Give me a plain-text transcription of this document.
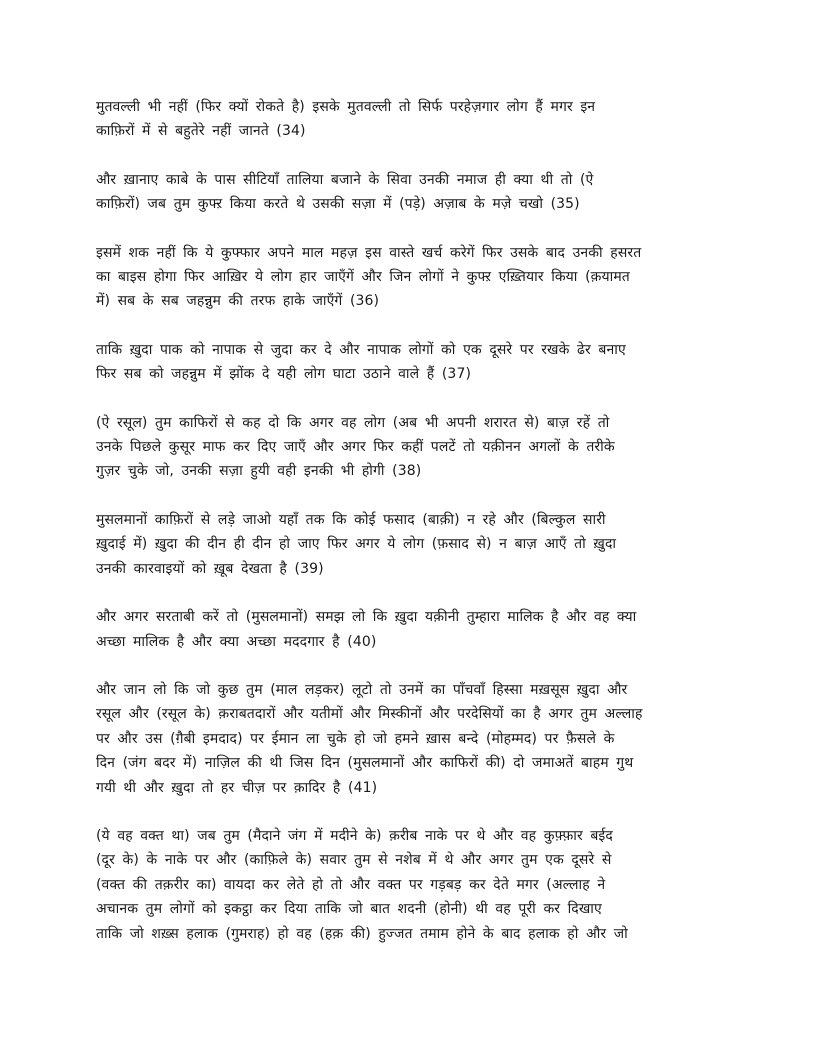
मुतवल्ली भी नहीं (फिर क्यों रोकते है) इसके मुतवल्ली तो सिर्फ परहेज़गार लोग हैं मगर इन
काफ़िरों में से बहुतेरे नहीं जानते (34)

और ख़ानाए काबे के पास सीटियाँ तालिया बजाने के सिवा उनकी नमाज ही क्या थी तो (ऐ
काफ़िरों) जब तुम कुफ्ऱ किया करते थे उसकी सज़ा में (पड़े) अज़ाब के मज़े चखो (35)

इसमें शक नहीं कि ये कुफ्फार अपने माल महज़ इस वास्ते खर्च करेगें फिर उसके बाद उनकी हसरत
का बाइस होगा फिर आख़िर ये लोग हार जाएँगें और जिन लोगों ने कुफ्ऱ एख़्तियार किया (क़यामत
में) सब के सब जहन्नुम की तरफ हाके जाएँगें (36)

ताकि ख़ुदा पाक को नापाक से जुदा कर दे और नापाक लोगों को एक दूसरे पर रखके ढेर बनाए
फिर सब को जहन्नुम में झोंक दे यही लोग घाटा उठाने वाले हैं (37)

(ऐ रसूल) तुम काफिरों से कह दो कि अगर वह लोग (अब भी अपनी शरारत से) बाज़ रहें तो
उनके पिछले कुसूर माफ कर दिए जाएँ और अगर फिर कहीं पलटें तो यक़ीनन अगलों के तरीके
गुज़र चुके जो, उनकी सज़ा हुयी वही इनकी भी होगी (38)

मुसलमानों काफ़िरों से लड़े जाओ यहाँ तक कि कोई फसाद (बाक़ी) न रहे और (बिल्कुल सारी
ख़ुदाई में) ख़ुदा की दीन ही दीन हो जाए फिर अगर ये लोग (फ़साद से) न बाज़ आएँ तो ख़ुदा
उनकी कारवाइयों को ख़ूब देखता है (39)

और अगर सरताबी करें तो (मुसलमानों) समझ लो कि ख़ुदा यक़ीनी तुम्हारा मालिक है और वह क्या
अच्छा मालिक है और क्या अच्छा मददगार है (40)

और जान लो कि जो कुछ तुम (माल लड़कर) लूटो तो उनमें का पाँचवाँ हिस्सा मख़सूस ख़ुदा और
रसूल और (रसूल के) क़राबतदारों और यतीमों और मिस्कीनों और परदेसियों का है अगर तुम अल्लाह
पर और उस (ग़ैबी इमदाद) पर ईमान ला चुके हो जो हमने ख़ास बन्दे (मोहम्मद) पर फ़ैसले के
दिन (जंग बदर में) नाज़िल की थी जिस दिन (मुसलमानों और काफिरों की) दो जमाअतें बाहम गुथ
गयी थी और ख़ुदा तो हर चीज़ पर क़ादिर है (41)

(ये वह वक्त था) जब तुम (मैदाने जंग में मदीने के) क़रीब नाके पर थे और वह कुफ़्फ़ार बईद
(दूर के) के नाके पर और (काफ़िले के) सवार तुम से नशेब में थे और अगर तुम एक दूसरे से
(वक्त की तक़रीर का) वायदा कर लेते हो तो और वक्त पर गड़बड़ कर देते मगर (अल्लाह ने
अचानक तुम लोगों को इकट्ठा कर दिया ताकि जो बात शदनी (होनी) थी वह पूरी कर दिखाए
ताकि जो शख़्स हलाक (गुमराह) हो वह (हक़ की) हुज्जत तमाम होने के बाद हलाक हो और जो
